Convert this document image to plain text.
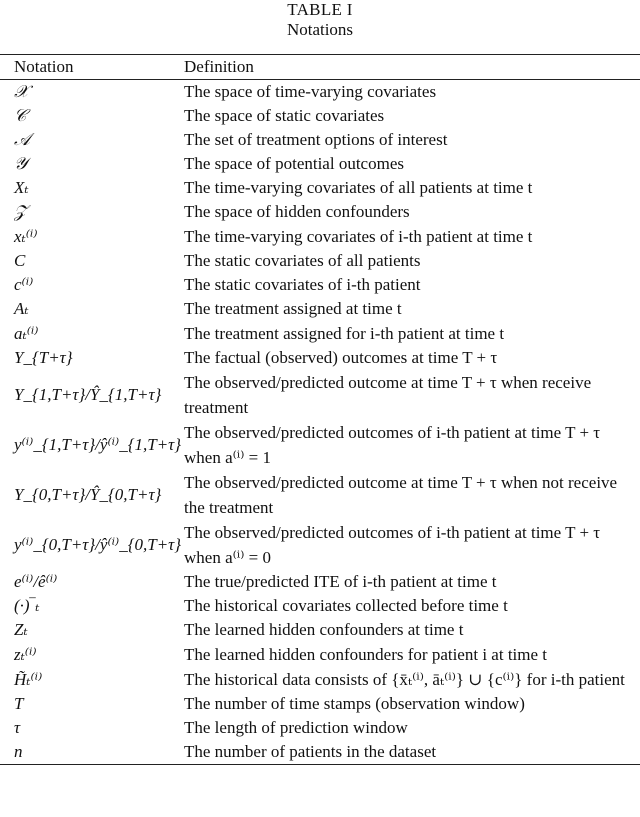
TABLE I
Notations
Notation	Definition
𝒳	The space of time-varying covariates
𝒞	The space of static covariates
𝒜	The set of treatment options of interest
𝒴	The space of potential outcomes
Xₜ	The time-varying covariates of all patients at time t
𝒵	The space of hidden confounders
xₜ⁽ⁱ⁾	The time-varying covariates of i-th patient at time t
C	The static covariates of all patients
c⁽ⁱ⁾	The static covariates of i-th patient
Aₜ	The treatment assigned at time t
aₜ⁽ⁱ⁾	The treatment assigned for i-th patient at time t
Y_{T+τ}	The factual (observed) outcomes at time T + τ
Y_{1,T+τ}/Ŷ_{1,T+τ}	The observed/predicted outcome at time T + τ when receive treatment
y⁽ⁱ⁾_{1,T+τ}/ŷ⁽ⁱ⁾_{1,T+τ}	The observed/predicted outcomes of i-th patient at time T + τ when a⁽ⁱ⁾ = 1
Y_{0,T+τ}/Ŷ_{0,T+τ}	The observed/predicted outcome at time T + τ when not receive the treatment
y⁽ⁱ⁾_{0,T+τ}/ŷ⁽ⁱ⁾_{0,T+τ}	The observed/predicted outcomes of i-th patient at time T + τ when a⁽ⁱ⁾ = 0
e⁽ⁱ⁾/ê⁽ⁱ⁾	The true/predicted ITE of i-th patient at time t
(·)‾ₜ	The historical covariates collected before time t
Zₜ	The learned hidden confounders at time t
zₜ⁽ⁱ⁾	The learned hidden confounders for patient i at time t
H̃ₜ⁽ⁱ⁾	The historical data consists of {x̄ₜ⁽ⁱ⁾, āₜ⁽ⁱ⁾} ∪ {c⁽ⁱ⁾} for i-th patient
T	The number of time stamps (observation window)
τ	The length of prediction window
n	The number of patients in the dataset
